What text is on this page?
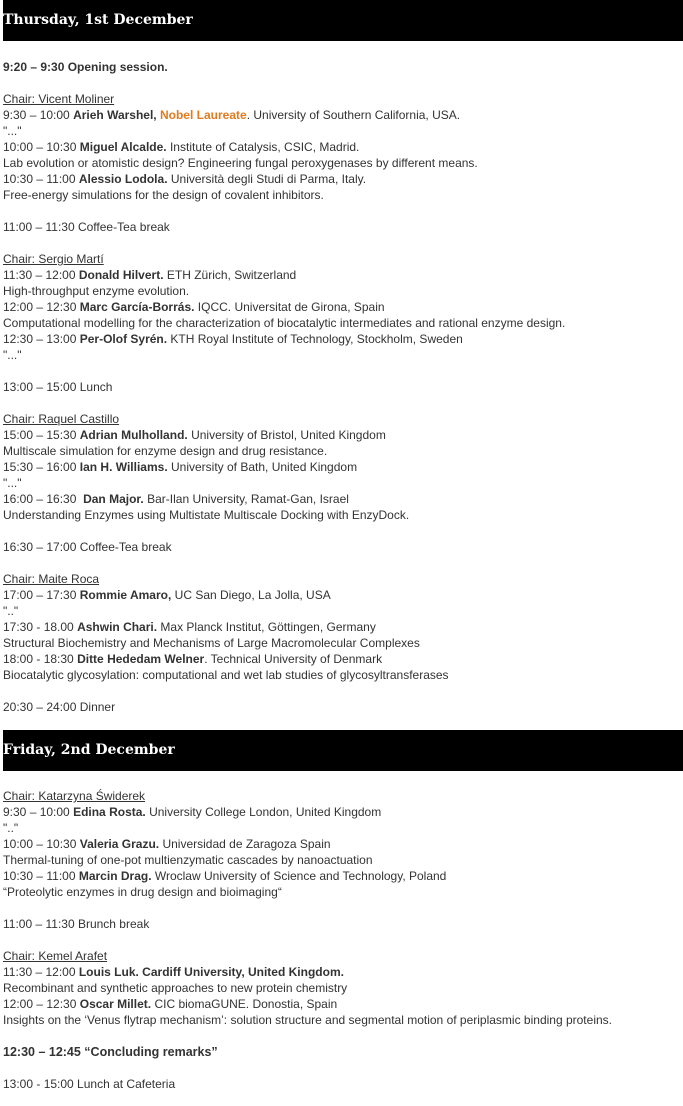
Thursday, 1st December
9:20 – 9:30 Opening session.
Chair: Vicent Moliner
9:30 – 10:00 Arieh Warshel, Nobel Laureate. University of Southern California, USA.
"..."
10:00 – 10:30 Miguel Alcalde. Institute of Catalysis, CSIC, Madrid.
Lab evolution or atomistic design? Engineering fungal peroxygenases by different means.
10:30 – 11:00 Alessio Lodola. Università degli Studi di Parma, Italy.
Free-energy simulations for the design of covalent inhibitors.
11:00 – 11:30 Coffee-Tea break
Chair: Sergio Martí
11:30 – 12:00 Donald Hilvert. ETH Zürich, Switzerland
High-throughput enzyme evolution.
12:00 – 12:30 Marc García-Borrás. IQCC. Universitat de Girona, Spain
Computational modelling for the characterization of biocatalytic intermediates and rational enzyme design.
12:30 – 13:00 Per-Olof Syrén. KTH Royal Institute of Technology, Stockholm, Sweden
"..."
13:00 – 15:00 Lunch
Chair: Raquel Castillo
15:00 – 15:30 Adrian Mulholland. University of Bristol, United Kingdom
Multiscale simulation for enzyme design and drug resistance.
15:30 – 16:00 Ian H. Williams. University of Bath, United Kingdom
"..."
16:00 – 16:30  Dan Major. Bar-Ilan University, Ramat-Gan, Israel
Understanding Enzymes using Multistate Multiscale Docking with EnzyDock.
16:30 – 17:00 Coffee-Tea break
Chair: Maite Roca
17:00 – 17:30 Rommie Amaro, UC San Diego, La Jolla, USA
".."
17:30 - 18.00 Ashwin Chari. Max Planck Institut, Göttingen, Germany
Structural Biochemistry and Mechanisms of Large Macromolecular Complexes
18:00 - 18:30 Ditte Hededam Welner. Technical University of Denmark
Biocatalytic glycosylation: computational and wet lab studies of glycosyltransferases
20:30 – 24:00 Dinner
Friday, 2nd December
Chair: Katarzyna Świderek
9:30 – 10:00 Edina Rosta. University College London, United Kingdom
".."
10:00 – 10:30 Valeria Grazu. Universidad de Zaragoza Spain
Thermal-tuning of one-pot multienzymatic cascades by nanoactuation
10:30 – 11:00 Marcin Drag. Wroclaw University of Science and Technology, Poland
“Proteolytic enzymes in drug design and bioimaging“
11:00 – 11:30 Brunch break
Chair: Kemel Arafet
11:30 – 12:00 Louis Luk. Cardiff University, United Kingdom.
Recombinant and synthetic approaches to new protein chemistry
12:00 – 12:30 Oscar Millet. CIC biomaGUNE. Donostia, Spain
Insights on the ‘Venus flytrap mechanism’: solution structure and segmental motion of periplasmic binding proteins.
12:30 – 12:45 “Concluding remarks”
13:00 - 15:00 Lunch at Cafeteria
